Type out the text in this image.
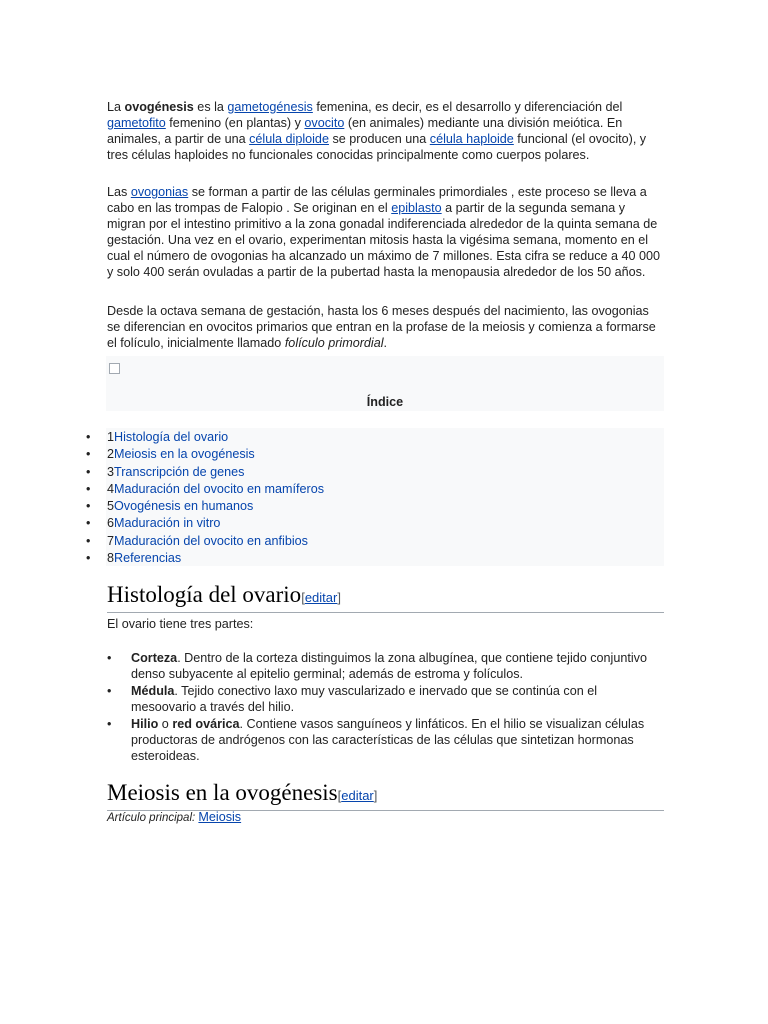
La ovogénesis es la gametogénesis femenina, es decir, es el desarrollo y diferenciación del gametofito femenino (en plantas) y ovocito (en animales) mediante una división meiótica. En animales, a partir de una célula diploide se producen una célula haploide funcional (el ovocito), y tres células haploides no funcionales conocidas principalmente como cuerpos polares.

Las ovogonias se forman a partir de las células germinales primordiales , este proceso se lleva a cabo en las trompas de Falopio . Se originan en el epiblasto a partir de la segunda semana y migran por el intestino primitivo a la zona gonadal indiferenciada alrededor de la quinta semana de gestación. Una vez en el ovario, experimentan mitosis hasta la vigésima semana, momento en el cual el número de ovogonias ha alcanzado un máximo de 7 millones. Esta cifra se reduce a 40 000 y solo 400 serán ovuladas a partir de la pubertad hasta la menopausia alrededor de los 50 años.

Desde la octava semana de gestación, hasta los 6 meses después del nacimiento, las ovogonias se diferencian en ovocitos primarios que entran en la profase de la meiosis y comienza a formarse el folículo, inicialmente llamado folículo primordial.

Índice
• 1Histología del ovario
• 2Meiosis en la ovogénesis
• 3Transcripción de genes
• 4Maduración del ovocito en mamíferos
• 5Ovogénesis en humanos
• 6Maduración in vitro
• 7Maduración del ovocito en anfibios
• 8Referencias
Histología del ovario[editar]

El ovario tiene tres partes:

• Corteza. Dentro de la corteza distinguimos la zona albugínea, que contiene tejido conjuntivo denso subyacente al epitelio germinal; además de estroma y folículos.
• Médula. Tejido conectivo laxo muy vascularizado e inervado que se continúa con el mesoovario a través del hilio.
• Hilio o red ovárica. Contiene vasos sanguíneos y linfáticos. En el hilio se visualizan células productoras de andrógenos con las características de las células que sintetizan hormonas esteroideas.
Meiosis en la ovogénesis[editar]
Artículo principal: Meiosis
